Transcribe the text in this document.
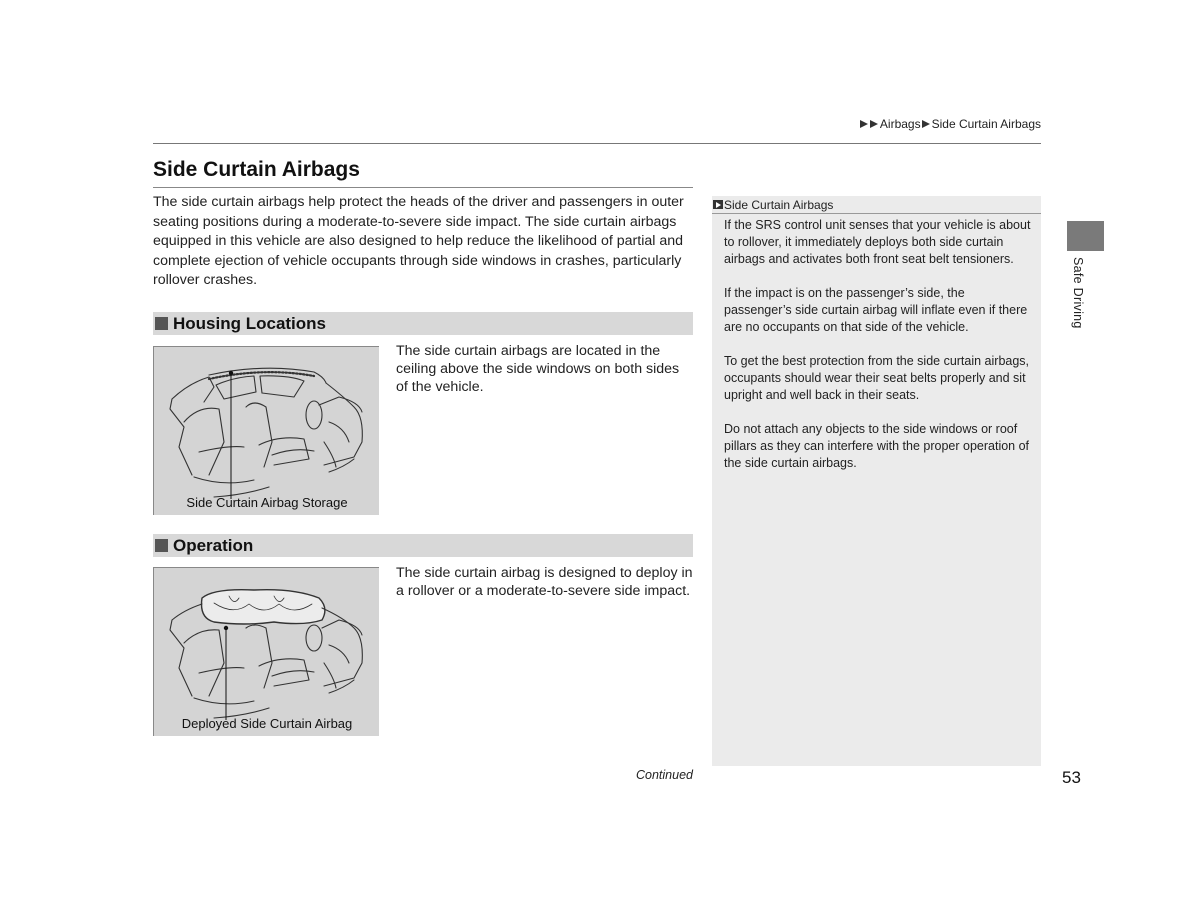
Airbags Side Curtain Airbags
Side Curtain Airbags

The side curtain airbags help protect the heads of the driver and passengers in outer seating positions during a moderate-to-severe side impact. The side curtain airbags equipped in this vehicle are also designed to help reduce the likelihood of partial and complete ejection of vehicle occupants through side windows in crashes, particularly rollover crashes.

Housing Locations
Side Curtain Airbag Storage

The side curtain airbags are located in the ceiling above the side windows on both sides of the vehicle.

Operation
Deployed Side Curtain Airbag

The side curtain airbag is designed to deploy in a rollover or a moderate-to-severe side impact.

Side Curtain Airbags

If the SRS control unit senses that your vehicle is about to rollover, it immediately deploys both side curtain airbags and activates both front seat belt tensioners.

If the impact is on the passenger’s side, the passenger’s side curtain airbag will inflate even if there are no occupants on that side of the vehicle.

To get the best protection from the side curtain airbags, occupants should wear their seat belts properly and sit upright and well back in their seats.

Do not attach any objects to the side windows or roof pillars as they can interfere with the proper operation of the side curtain airbags.

Safe Driving
Continued	53
